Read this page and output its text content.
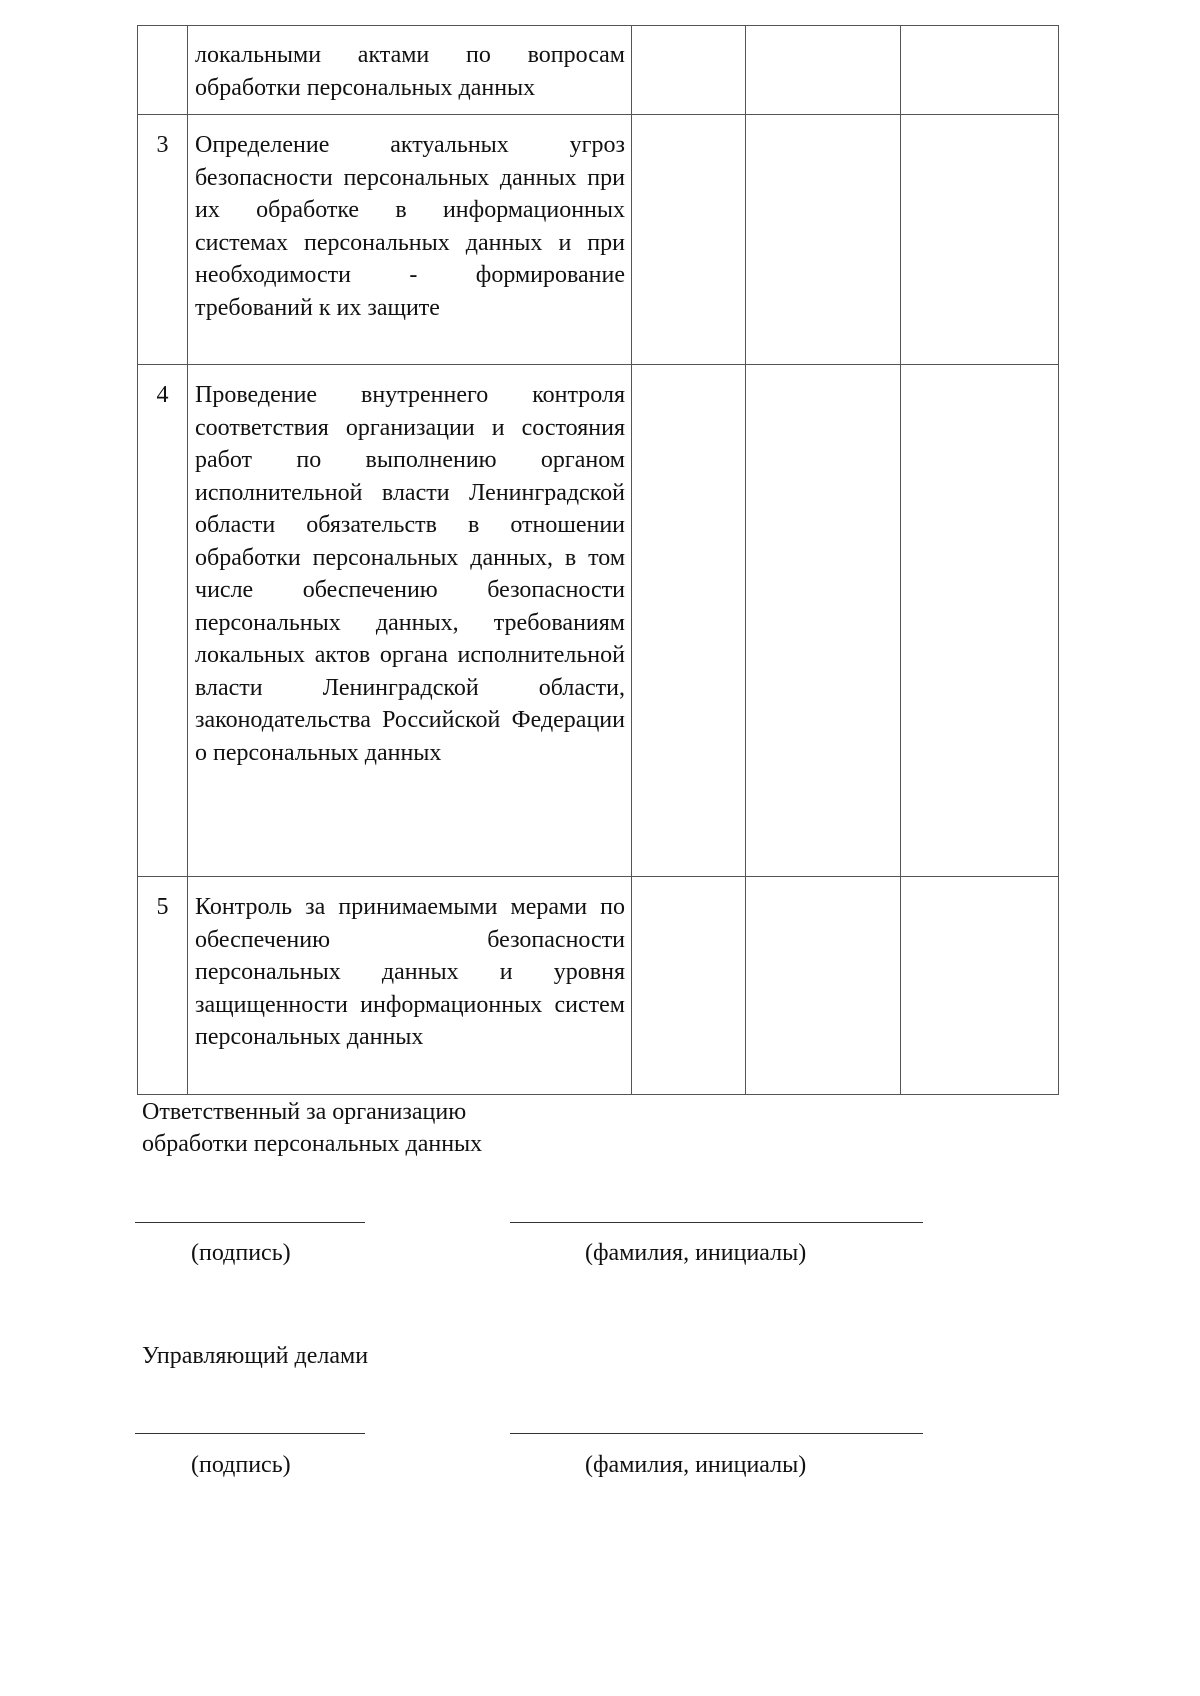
	локальными актами по вопросам обработки персональных данных			
3	Определение актуальных угроз безопасности персональных данных при их обработке в информационных системах персональных данных и при необходимости - формирование требований к их защите			
4	Проведение внутреннего контроля соответствия организации и состояния работ по выполнению органом исполнительной власти Ленинградской области обязательств в отношении обработки персональных данных, в том числе обеспечению безопасности персональных данных, требованиям локальных актов органа исполнительной власти Ленинградской области, законодательства Российской Федерации о персональных данных			
5	Контроль за принимаемыми мерами по обеспечению безопасности персональных данных и уровня защищенности информационных систем персональных данных			
Ответственный за организацию
обработки персональных данных
(подпись)	(фамилия, инициалы)
Управляющий делами
(подпись)	(фамилия, инициалы)
